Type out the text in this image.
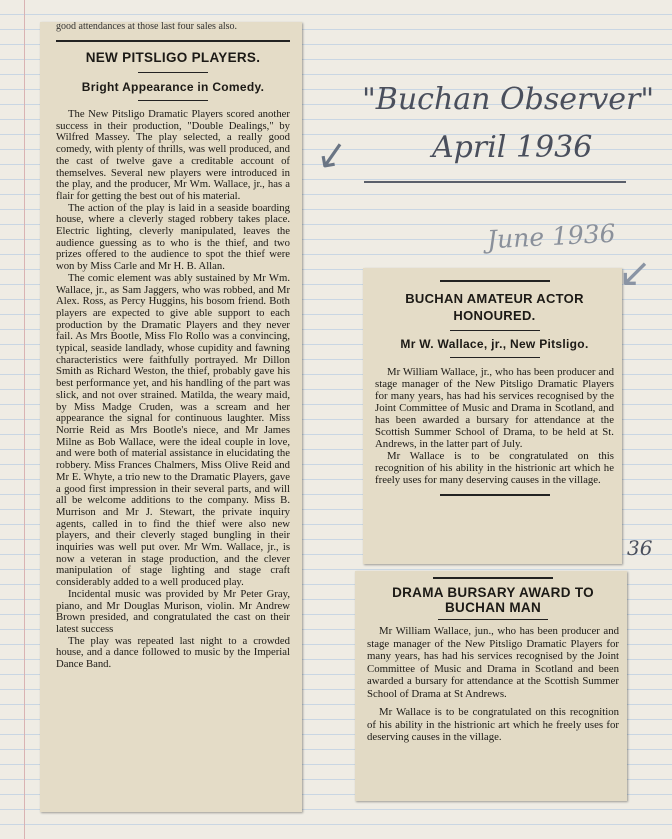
good attendances at those last four sales also.

NEW PITSLIGO PLAYERS.
Bright Appearance in Comedy.

The New Pitsligo Dramatic Players scored another success in their production, "Double Dealings," by Wilfred Massey. The play selected, a really good comedy, with plenty of thrills, was well produced, and the cast of twelve gave a creditable account of themselves. Several new players were introduced in the play, and the producer, Mr Wm. Wallace, jr., has a flair for getting the best out of his material.

The action of the play is laid in a seaside boarding house, where a cleverly staged robbery takes place. Electric lighting, cleverly manipulated, leaves the audience guessing as to who is the thief, and two prizes offered to the audience to spot the thief were won by Miss Carle and Mr H. B. Allan.

The comic element was ably sustained by Mr Wm. Wallace, jr., as Sam Jaggers, who was robbed, and Mr Alex. Ross, as Percy Huggins, his bosom friend. Both players are expected to give able support to each production by the Dramatic Players and they never fail. As Mrs Bootle, Miss Flo Rollo was a convincing, typical, seaside landlady, whose cupidity and fawning characteristics were faithfully portrayed. Mr Dillon Smith as Richard Weston, the thief, probably gave his best performance yet, and his handling of the part was slick, and not over strained. Matilda, the weary maid, by Miss Madge Cruden, was a scream and her appearance the signal for continuous laughter. Miss Norrie Reid as Mrs Bootle's niece, and Mr James Milne as Bob Wallace, were the ideal couple in love, and were both of material assistance in elucidating the robbery. Miss Frances Chalmers, Miss Olive Reid and Mr E. Whyte, a trio new to the Dramatic Players, gave a good first impression in their several parts, and will all be welcome additions to the company. Miss B. Murrison and Mr J. Stewart, the private inquiry agents, called in to find the thief were also new players, and their cleverly staged bungling in their inquiries was well put over. Mr Wm. Wallace, jr., is now a veteran in stage production, and the clever manipulation of stage lighting and stage craft considerably added to a well produced play.

Incidental music was provided by Mr Peter Gray, piano, and Mr Douglas Murison, violin. Mr Andrew Brown presided, and congratulated the cast on their latest success

The play was repeated last night to a crowded house, and a dance followed to music by the Imperial Dance Band.

BUCHAN AMATEUR ACTOR HONOURED.
Mr W. Wallace, jr., New Pitsligo.

Mr William Wallace, jr., who has been producer and stage manager of the New Pitsligo Dramatic Players for many years, has had his services recognised by the Joint Committee of Music and Drama in Scotland, and has been awarded a bursary for attendance at the Scottish Summer School of Drama, to be held at St. Andrews, in the latter part of July.

Mr Wallace is to be congratulated on this recognition of his ability in the histrionic art which he freely uses for many deserving causes in the village.

DRAMA BURSARY AWARD TO BUCHAN MAN

Mr William Wallace, jun., who has been producer and stage manager of the New Pitsligo Dramatic Players for many years, has had his services recognised by the Joint Committee of Music and Drama in Scotland and been awarded a bursary for attendance at the Scottish Summer School of Drama at St Andrews.

Mr Wallace is to be congratulated on this recognition of his ability in the histrionic art which he freely uses for deserving causes in the village.

"Buchan Observer"
April 1936
June 1936
36
↙
↙
